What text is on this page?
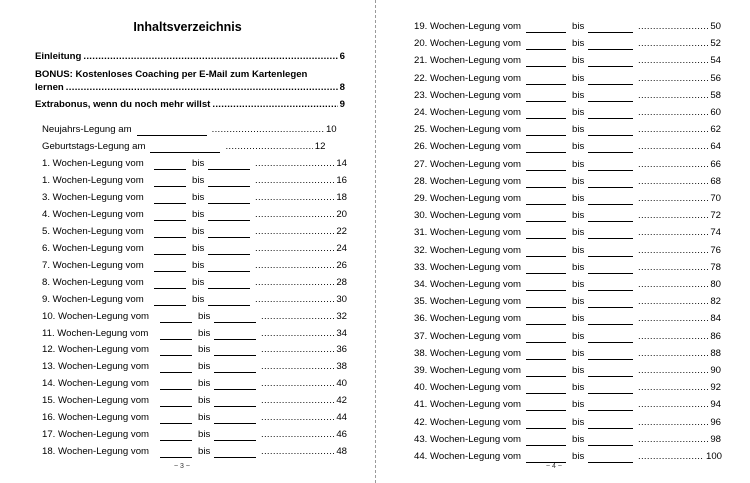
Inhaltsverzeichnis
Einleitung .....	6
BONUS: Kostenloses Coaching per E-Mail zum Kartenlegen
lernen .....	8
Extrabonus, wenn du noch mehr willst .....	9
Neujahrs-Legung am .....	10
Geburtstags-Legung am .....	12
1. Wochen-Legung vom	bis .....	14
1. Wochen-Legung vom	bis .....	16
3. Wochen-Legung vom	bis .....	18
4. Wochen-Legung vom	bis .....	20
5. Wochen-Legung vom	bis .....	22
6. Wochen-Legung vom	bis .....	24
7. Wochen-Legung vom	bis .....	26
8. Wochen-Legung vom	bis .....	28
9. Wochen-Legung vom	bis .....	30
10. Wochen-Legung vom	bis .....	32
11. Wochen-Legung vom	bis .....	34
12. Wochen-Legung vom	bis .....	36
13. Wochen-Legung vom	bis .....	38
14. Wochen-Legung vom	bis .....	40
15. Wochen-Legung vom	bis .....	42
16. Wochen-Legung vom	bis .....	44
17. Wochen-Legung vom	bis .....	46
18. Wochen-Legung vom	bis .....	48
~ 3 ~
19. Wochen-Legung vom	bis .....	50
20. Wochen-Legung vom	bis .....	52
21. Wochen-Legung vom	bis .....	54
22. Wochen-Legung vom	bis .....	56
23. Wochen-Legung vom	bis .....	58
24. Wochen-Legung vom	bis .....	60
25. Wochen-Legung vom	bis .....	62
26. Wochen-Legung vom	bis .....	64
27. Wochen-Legung vom	bis .....	66
28. Wochen-Legung vom	bis .....	68
29. Wochen-Legung vom	bis .....	70
30. Wochen-Legung vom	bis .....	72
31. Wochen-Legung vom	bis .....	74
32. Wochen-Legung vom	bis .....	76
33. Wochen-Legung vom	bis .....	78
34. Wochen-Legung vom	bis .....	80
35. Wochen-Legung vom	bis .....	82
36. Wochen-Legung vom	bis .....	84
37. Wochen-Legung vom	bis .....	86
38. Wochen-Legung vom	bis .....	88
39. Wochen-Legung vom	bis .....	90
40. Wochen-Legung vom	bis .....	92
41. Wochen-Legung vom	bis .....	94
42. Wochen-Legung vom	bis .....	96
43. Wochen-Legung vom	bis .....	98
44. Wochen-Legung vom	bis .....	100
~ 4 ~
